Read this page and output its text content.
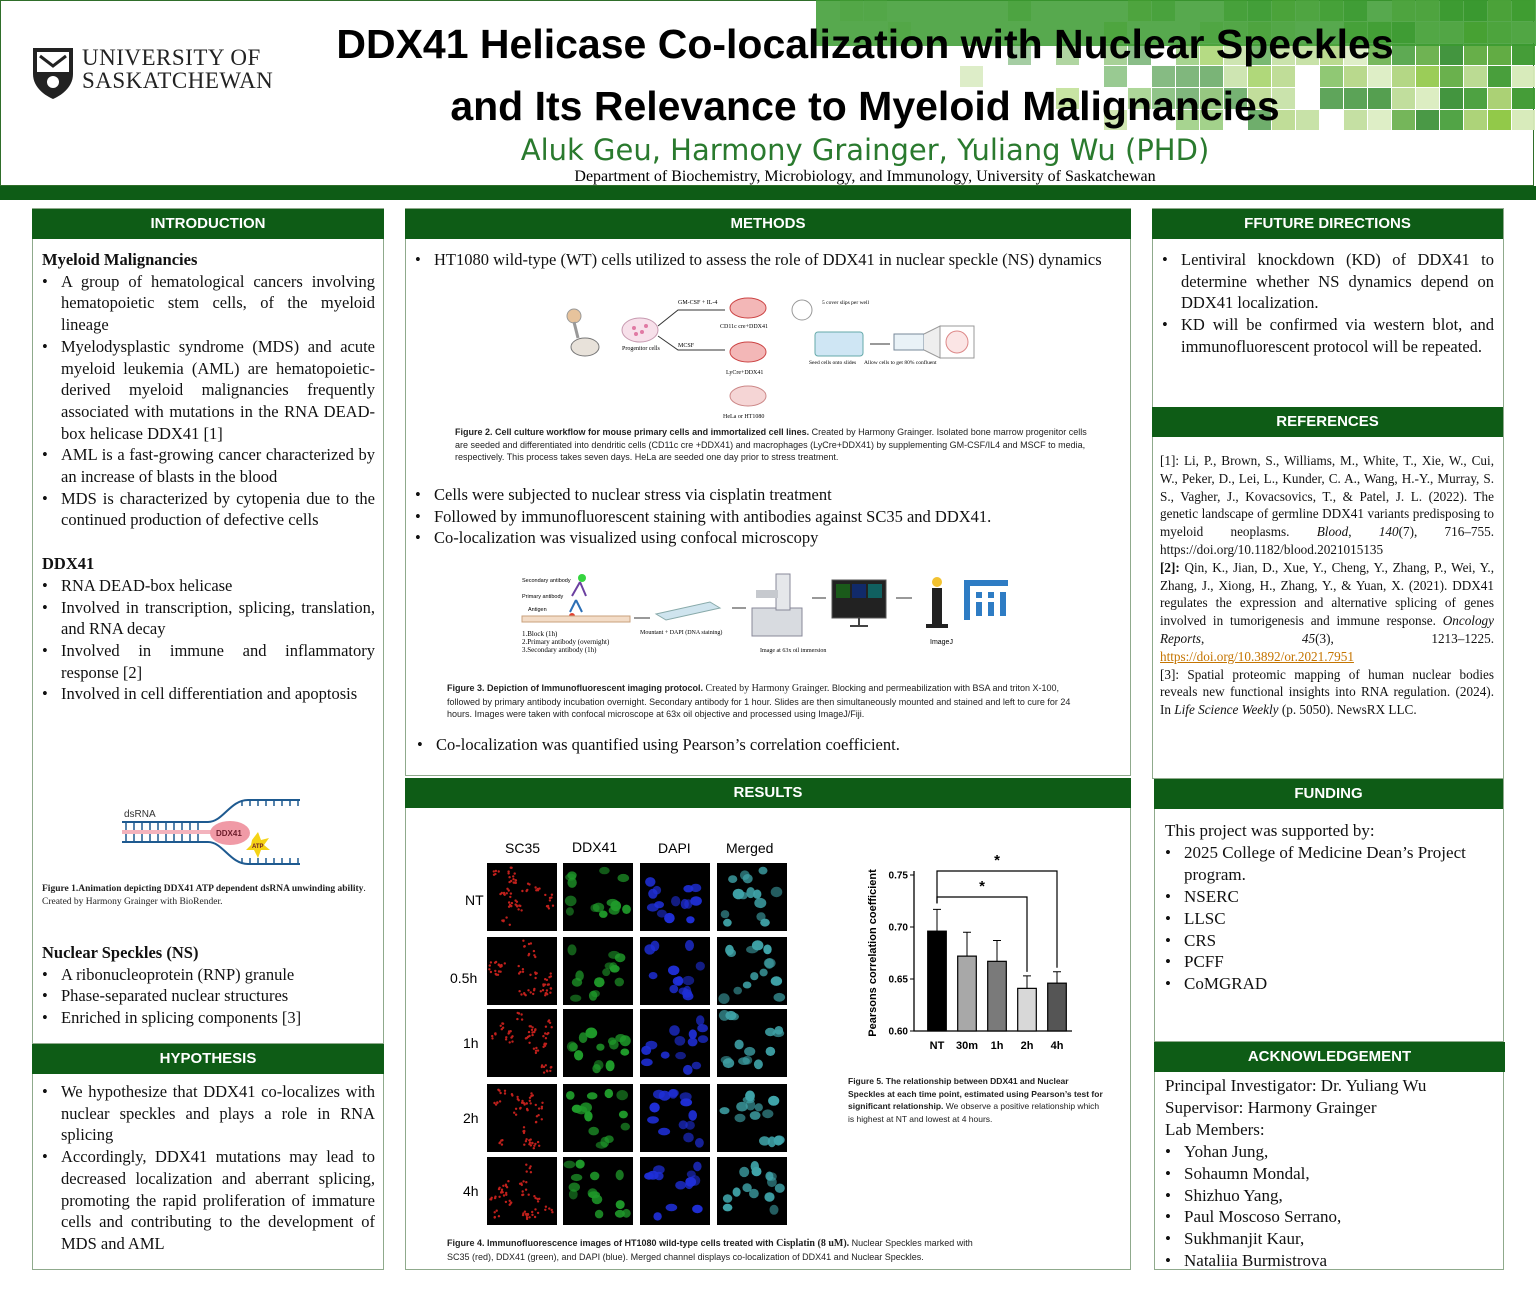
UNIVERSITY OF
SASKATCHEWAN
DDX41 Helicase Co-localization with Nuclear Speckles
and Its Relevance to Myeloid Malignancies
Aluk Geu, Harmony Grainger, Yuliang Wu (PHD)
Department of Biochemistry, Microbiology, and Immunology, University of Saskatchewan
INTRODUCTION
Myeloid Malignancies
• A group of hematological cancers involving hematopoietic stem cells, of the myeloid lineage
• Myelodysplastic syndrome (MDS) and acute myeloid leukemia (AML) are hematopoietic-derived myeloid malignancies frequently associated with mutations in the RNA DEAD-box helicase DDX41 [1]
• AML is a fast-growing cancer characterized by an increase of blasts in the blood
• MDS is characterized by cytopenia due to the continued production of defective cells
DDX41
• RNA DEAD-box helicase
• Involved in transcription, splicing, translation, and RNA decay
• Involved in immune and inflammatory response [2]
• Involved in cell differentiation and apoptosis
dsRNA
DDX41
ATP
Figure 1.Animation depicting DDX41 ATP dependent dsRNA unwinding ability. Created by Harmony Grainger with BioRender.
Nuclear Speckles (NS)
• A ribonucleoprotein (RNP) granule
• Phase-separated nuclear structures
• Enriched in splicing components [3]
HYPOTHESIS
• We hypothesize that DDX41 co-localizes with nuclear speckles and plays a role in RNA splicing
• Accordingly, DDX41 mutations may lead to decreased localization and aberrant splicing, promoting the rapid proliferation of immature cells and contributing to the development of MDS and AML
METHODS
• HT1080 wild-type (WT) cells utilized to assess the role of DDX41 in nuclear speckle (NS) dynamics
Progenitor cells
GM-CSF + IL-4
MCSF
CD11c cre+DDX41
LyCre+DDX41
HeLa or HT1080
5 cover slips per well
Seed cells onto slides Allow cells to get 80% confluent
Figure 2. Cell culture workflow for mouse primary cells and immortalized cell lines. Created by Harmony Grainger. Isolated bone marrow progenitor cells are seeded and differentiated into dendritic cells (CD11c cre +DDX41) and macrophages (LyCre+DDX41) by supplementing GM-CSF/IL4 and MSCF to media, respectively. This process takes seven days. HeLa are seeded one day prior to stress treatment.
• Cells were subjected to nuclear stress via cisplatin treatment
• Followed by immunofluorescent staining with antibodies against SC35 and DDX41.
• Co-localization was visualized using confocal microscopy
Secondary antibody
Primary antibody
Antigen
1.Block (1h)
2.Primary antibody (overnight)
3.Secondary antibody (1h)
Mountant + DAPI (DNA staining)
Image at 63x oil immersion
ImageJ
Figure 3. Depiction of Immunofluorescent imaging protocol. Created by Harmony Grainger. Blocking and permeabilization with BSA and triton X-100, followed by primary antibody incubation overnight. Secondary antibody for 1 hour. Slides are then simultaneously mounted and stained and left to cure for 24 hours. Images were taken with confocal microscope at 63x oil objective and processed using ImageJ/Fiji.
• Co-localization was quantified using Pearson’s correlation coefficient.
RESULTS
SC35 DDX41	DAPI	Merged
NT
0.5h
1h
2h
4h
Figure 4. Immunofluorescence images of HT1080 wild-type cells treated with Cisplatin (8 uM). Nuclear Speckles marked with SC35 (red), DDX41 (green), and DAPI (blue). Merged channel displays co-localization of DDX41 and Nuclear Speckles.
0.60
0.65
0.70
0.75
Pearsons correlation coefficient
NT 30m 1h 2h 4h
*
*
Figure 5. The relationship between DDX41 and Nuclear Speckles at each time point, estimated using Pearson’s test for significant relationship. We observe a positive relationship which is highest at NT and lowest at 4 hours.
FFUTURE DIRECTIONS
• Lentiviral knockdown (KD) of DDX41 to determine whether NS dynamics depend on DDX41 localization.
• KD will be confirmed via western blot, and immunofluorescent protocol will be repeated.
REFERENCES
[1]: Li, P., Brown, S., Williams, M., White, T., Xie, W., Cui, W., Peker, D., Lei, L., Kunder, C. A., Wang, H.-Y., Murray, S. S., Vagher, J., Kovacsovics, T., & Patel, J. L. (2022). The genetic landscape of germline DDX41 variants predisposing to myeloid neoplasms. Blood, 140(7), 716–755. https://doi.org/10.1182/blood.2021015135
[2]: Qin, K., Jian, D., Xue, Y., Cheng, Y., Zhang, P., Wei, Y., Zhang, J., Xiong, H., Zhang, Y., & Yuan, X. (2021). DDX41 regulates the expression and alternative splicing of genes involved in tumorigenesis and immune response. Oncology Reports, 45(3), 1213–1225. https://doi.org/10.3892/or.2021.7951
[3]: Spatial proteomic mapping of human nuclear bodies reveals new functional insights into RNA regulation. (2024). In Life Science Weekly (p. 5050). NewsRX LLC.
FUNDING
This project was supported by:
• 2025 College of Medicine Dean’s Project program.
• NSERC
• LLSC
• CRS
• PCFF
• CoMGRAD
ACKNOWLEDGEMENT
Principal Investigator: Dr. Yuliang Wu
Supervisor: Harmony Grainger
Lab Members:
• Yohan Jung,
• Sohaumn Mondal,
• Shizhuo Yang,
• Paul Moscoso Serrano,
• Sukhmanjit Kaur,
• Nataliia Burmistrova
